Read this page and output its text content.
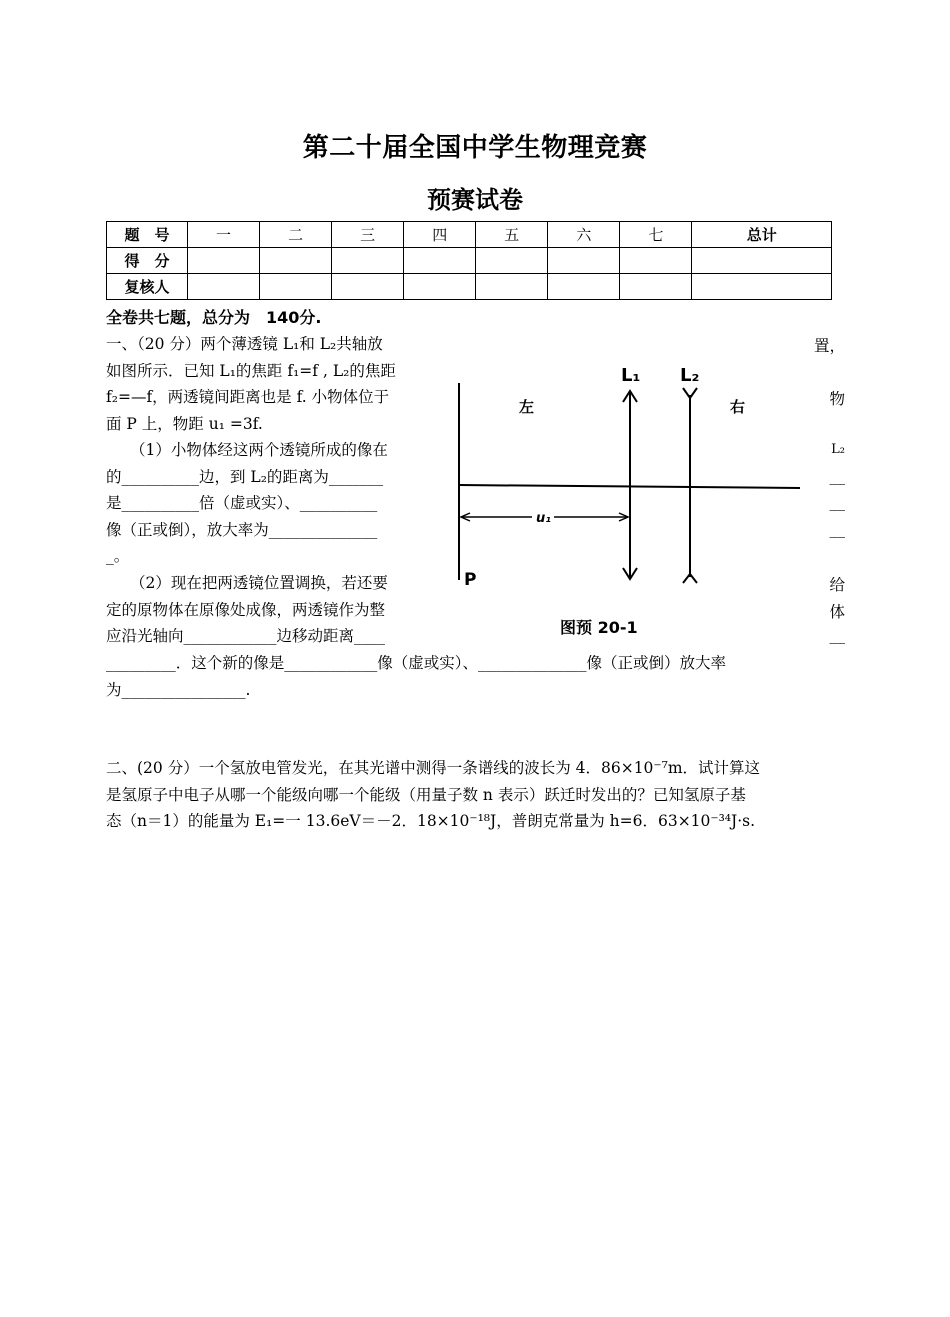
第二十届全国中学生物理竞赛
预赛试卷
题　号	一	二	三	四	五	六	七	总计
得　分								
复核人								
全卷共七题，总分为　140分.
一、（20 分）两个薄透镜 L₁和 L₂共轴放	置，
如图所示．已知 L₁的焦距 f₁=f , L₂的焦距
f₂=—f，两透镜间距离也是 f. 小物体位于	物
面 P 上，物距 u₁ =3f.
（1）小物体经这两个透镜所成的像在	L₂
的__________边，到 L₂的距离为_______	__
是__________倍（虚或实）、__________	__
像（正或倒），放大率为______________	__
_。
（2）现在把两透镜位置调换，若还要	给
定的原物体在原像处成像，两透镜作为整	体
应沿光轴向____________边移动距离____	__
_________．这个新的像是____________像（虚或实）、______________像（正或倒）放大率
为________________.
u₁
L₁ L₂
左	右
P
图预 20-1
二、(20 分）一个氢放电管发光，在其光谱中测得一条谱线的波长为 4．86×10⁻⁷m．试计算这
是氢原子中电子从哪一个能级向哪一个能级（用量子数 n 表示）跃迁时发出的？已知氢原子基
态（n＝1）的能量为 E₁=一 13.6eV＝－2．18×10⁻¹⁸J，普朗克常量为 h=6．63×10⁻³⁴J·s.
